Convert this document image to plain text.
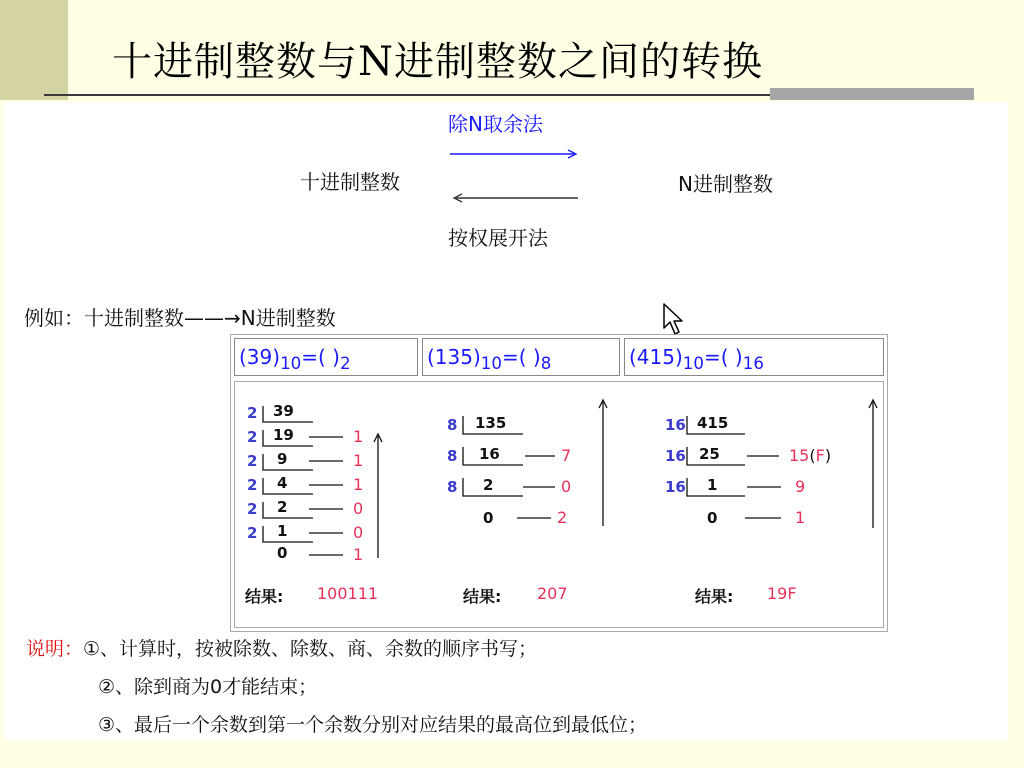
十进制整数与N进制整数之间的转换
除N取余法
十进制整数	N进制整数
按权展开法
例如：十进制整数——→N进制整数
$(39)_{10}=$( )$_2$	$(135)_{10}=$( )$_8$	$(415)_{10}=$( )$_{16}$
2 39
2 19	1
2 9	1
2 4	1
2 2	0
2 1	0
0	1
结果: 100111
8 135
8 16	7
8 2	0
0	2
结果: 207
16 415
16 25	15(F)
16 1	9
0	1
结果: 19F
说明：①、计算时，按被除数、除数、商、余数的顺序书写；
②、除到商为0才能结束；
③、最后一个余数到第一个余数分别对应结果的最高位到最低位；
